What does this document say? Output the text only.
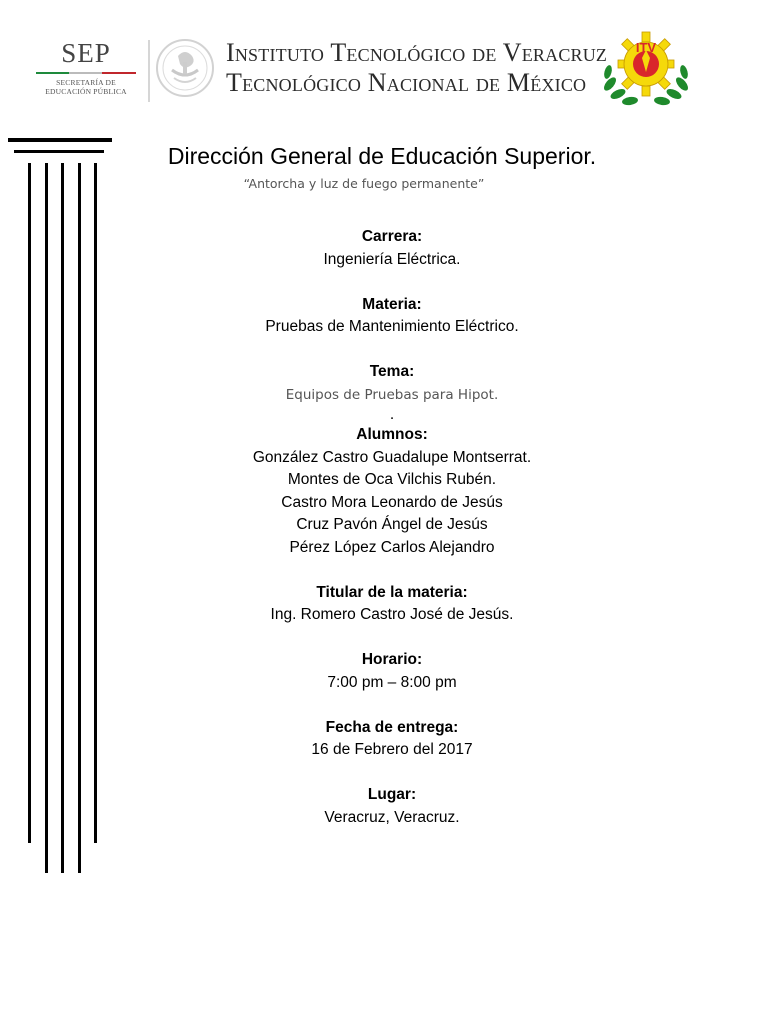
SEP
SECRETARÍA DE
EDUCACIÓN PÚBLICA
Instituto Tecnológico de Veracruz
Tecnológico Nacional de México
ITV
Dirección General de Educación Superior.
“Antorcha y luz de fuego permanente”
Carrera:
Ingeniería Eléctrica.
Materia:
Pruebas de Mantenimiento Eléctrico.
Tema:
Equipos de Pruebas para Hipot.
.
Alumnos:
González Castro Guadalupe Montserrat.
Montes de Oca Vilchis Rubén.
Castro Mora Leonardo de Jesús
Cruz Pavón Ángel de Jesús
Pérez López Carlos Alejandro
Titular de la materia:
Ing. Romero Castro José de Jesús.
Horario:
7:00 pm – 8:00 pm
Fecha de entrega:
16 de Febrero del 2017
Lugar:
Veracruz, Veracruz.
